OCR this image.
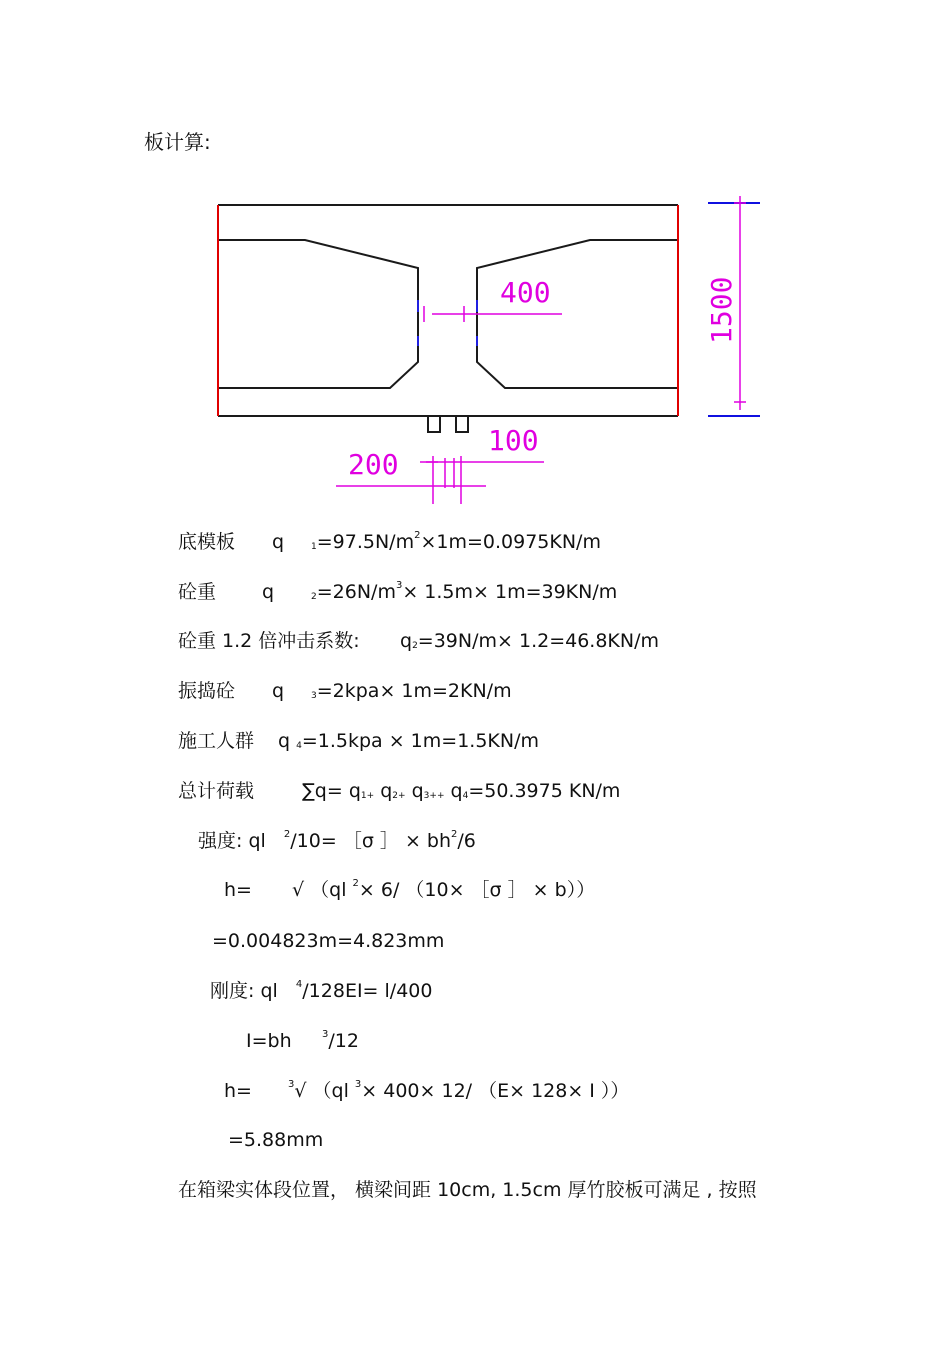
板计算:
400	1500
200
100
底模板 q	$1=97.5N/m^2\times 1m=0.0975KN/m$
砼重 q	$2=26N/m^3\times 1.5m\times 1m=39KN/m$
砼重 1.2 倍冲击系数: q2=39N/m× 1.2=46.8KN/m
振捣砼 q	3=2kpa× 1m=2KN/m
施工人群 q 4=1.5kpa × 1m=1.5KN/m
总计荷载	∑q= q1+ q2+ q3++ q4=50.3975 KN/m
强度: ql $^2$/10= ［σ ］ × $bh^2/6$
h= √ （ql $^2$× 6/ （10× ［σ ］ × b））
=0.004823m=4.823mm
刚度: ql $^4$/128EI= l/400
I=bh	$^3$/12
h=	$^3$√ （ql $^3$× 400× 12/ （E× 128× I ））
=5.88mm
在箱梁实体段位置， 横梁间距 10cm, 1.5cm 厚竹胶板可满足 , 按照
